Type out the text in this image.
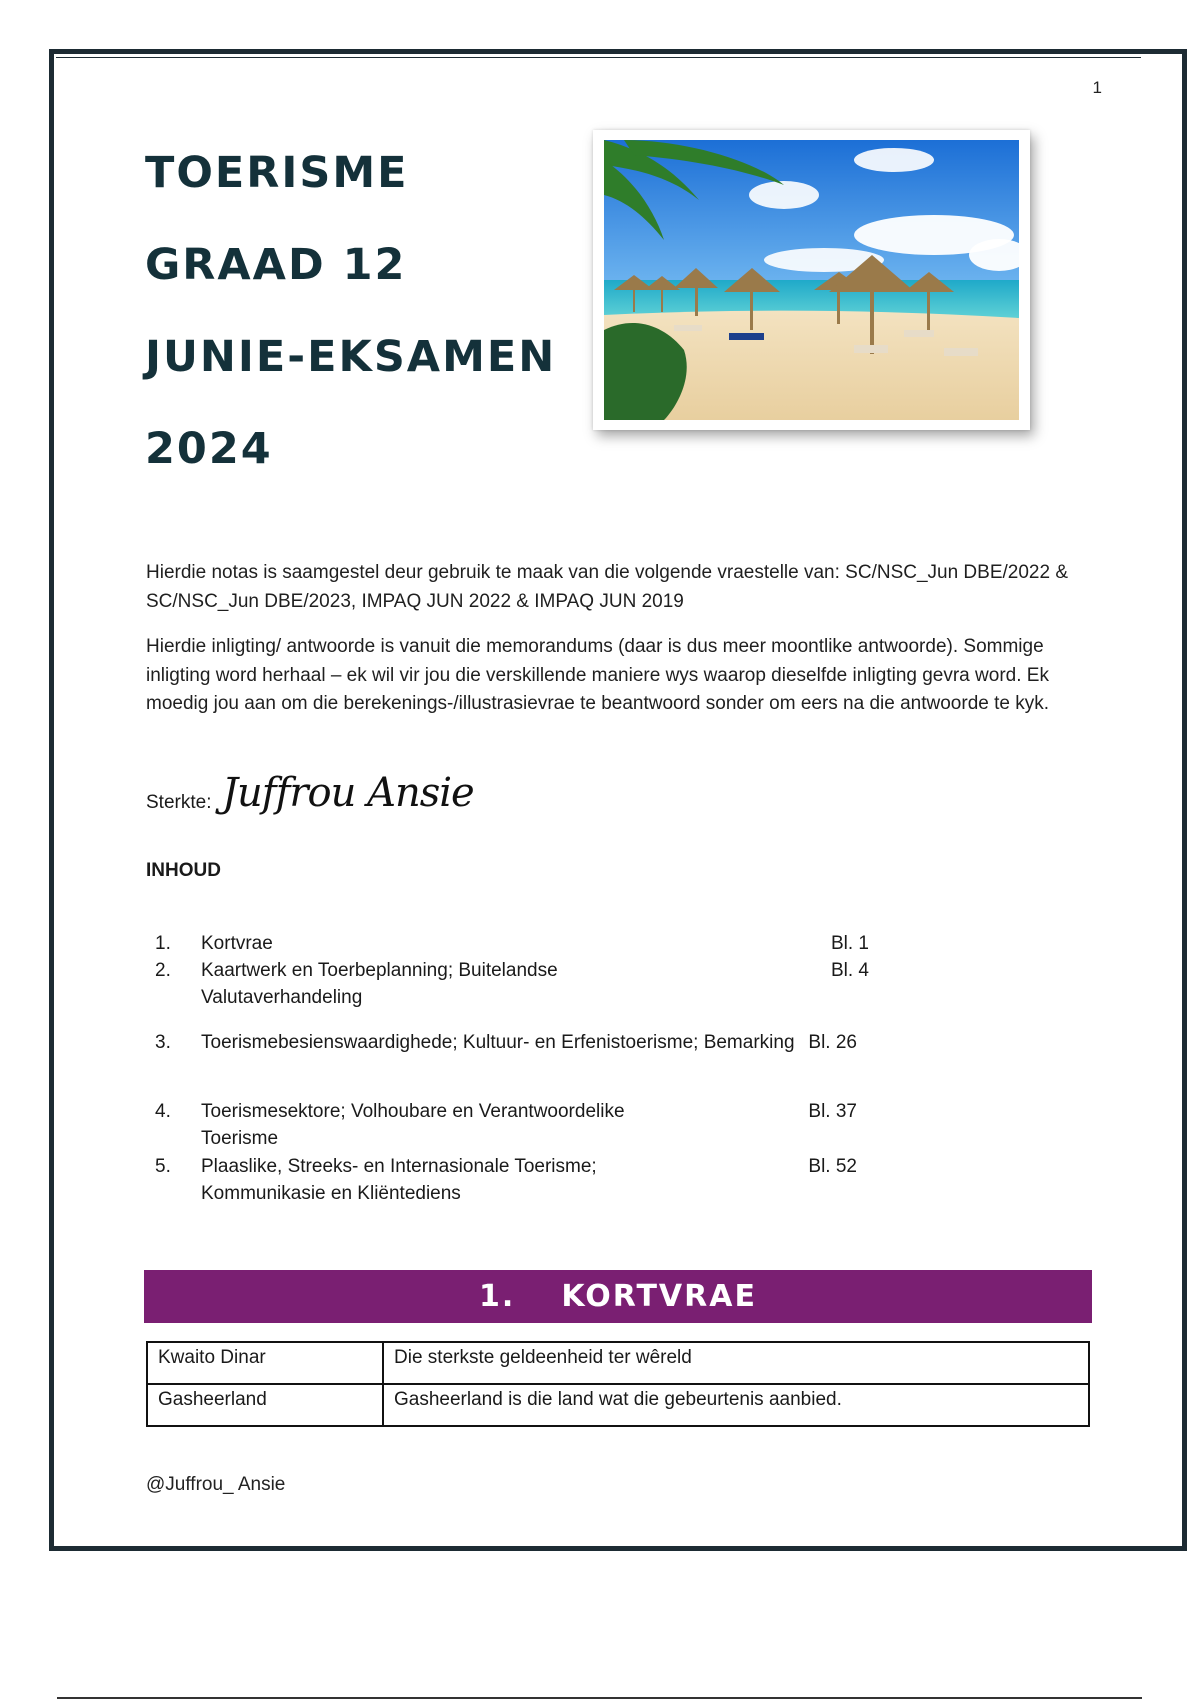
1
TOERISME
GRAAD 12
JUNIE-EKSAMEN
2024

Hierdie notas is saamgestel deur gebruik te maak van die volgende vraestelle van: SC/NSC_Jun DBE/2022 & SC/NSC_Jun DBE/2023, IMPAQ JUN 2022 & IMPAQ JUN 2019

Hierdie inligting/ antwoorde is vanuit die memorandums (daar is dus meer moontlike antwoorde). Sommige inligting word herhaal – ek wil vir jou die verskillende maniere wys waarop dieselfde inligting gevra word. Ek moedig jou aan om die berekenings-/illustrasievrae te beantwoord sonder om eers na die antwoorde te kyk.

Sterkte: Juffrou Ansie
INHOUD
1. Kortvrae	Bl. 1
2. Kaartwerk en Toerbeplanning; Buitelandse Valutaverhandeling
Bl. 4
3. Toerismebesienswaardighede; Kultuur- en Erfenistoerisme; Bemarking Bl. 26
4. Toerismesektore; Volhoubare en Verantwoordelike Toerisme
Bl. 37
5. Plaaslike, Streeks- en Internasionale Toerisme; Kommunikasie en Kliëntediens
Bl. 52
1. KORTVRAE
Kwaito Dinar	Die sterkste geldeenheid ter wêreld
Gasheerland	Gasheerland is die land wat die gebeurtenis aanbied.
@Juffrou_ Ansie
